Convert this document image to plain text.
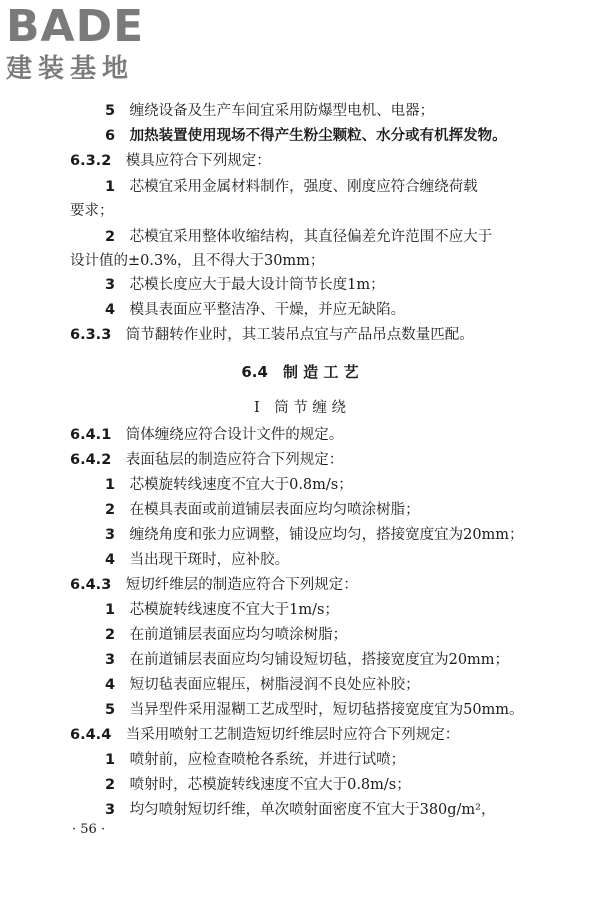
BADE
建装基地
5　 缠绕设备及生产车间宜采用防爆型电机、电器；
6　 加热装置使用现场不得产生粉尘颗粒、水分或有机挥发物。
6.3.2　 模具应符合下列规定：
1　 芯模宜采用金属材料制作，强度、刚度应符合缠绕荷载
要求；
2　 芯模宜采用整体收缩结构，其直径偏差允许范围不应大于
设计值的±0.3%，且不得大于30mm；
3　 芯模长度应大于最大设计筒节长度1m；
4　 模具表面应平整洁净、干燥，并应无缺陷。
6.3.3　 筒节翻转作业时，其工装吊点宜与产品吊点数量匹配。
6.4　制 造 工 艺
Ⅰ　筒 节 缠 绕
6.4.1　 筒体缠绕应符合设计文件的规定。
6.4.2　 表面毡层的制造应符合下列规定：
1　 芯模旋转线速度不宜大于0.8m/s；
2　 在模具表面或前道铺层表面应均匀喷涂树脂；
3　 缠绕角度和张力应调整，铺设应均匀，搭接宽度宜为20mm；
4　 当出现干斑时，应补胶。
6.4.3　 短切纤维层的制造应符合下列规定：
1　 芯模旋转线速度不宜大于1m/s；
2　 在前道铺层表面应均匀喷涂树脂；
3　 在前道铺层表面应均匀铺设短切毡，搭接宽度宜为20mm；
4　 短切毡表面应辊压，树脂浸润不良处应补胶；
5　 当异型件采用湿糊工艺成型时，短切毡搭接宽度宜为50mm。
6.4.4　 当采用喷射工艺制造短切纤维层时应符合下列规定：
1　 喷射前，应检查喷枪各系统，并进行试喷；
2　 喷射时，芯模旋转线速度不宜大于0.8m/s；
3　 均匀喷射短切纤维，单次喷射面密度不宜大于380g/m²，
· 56 ·
